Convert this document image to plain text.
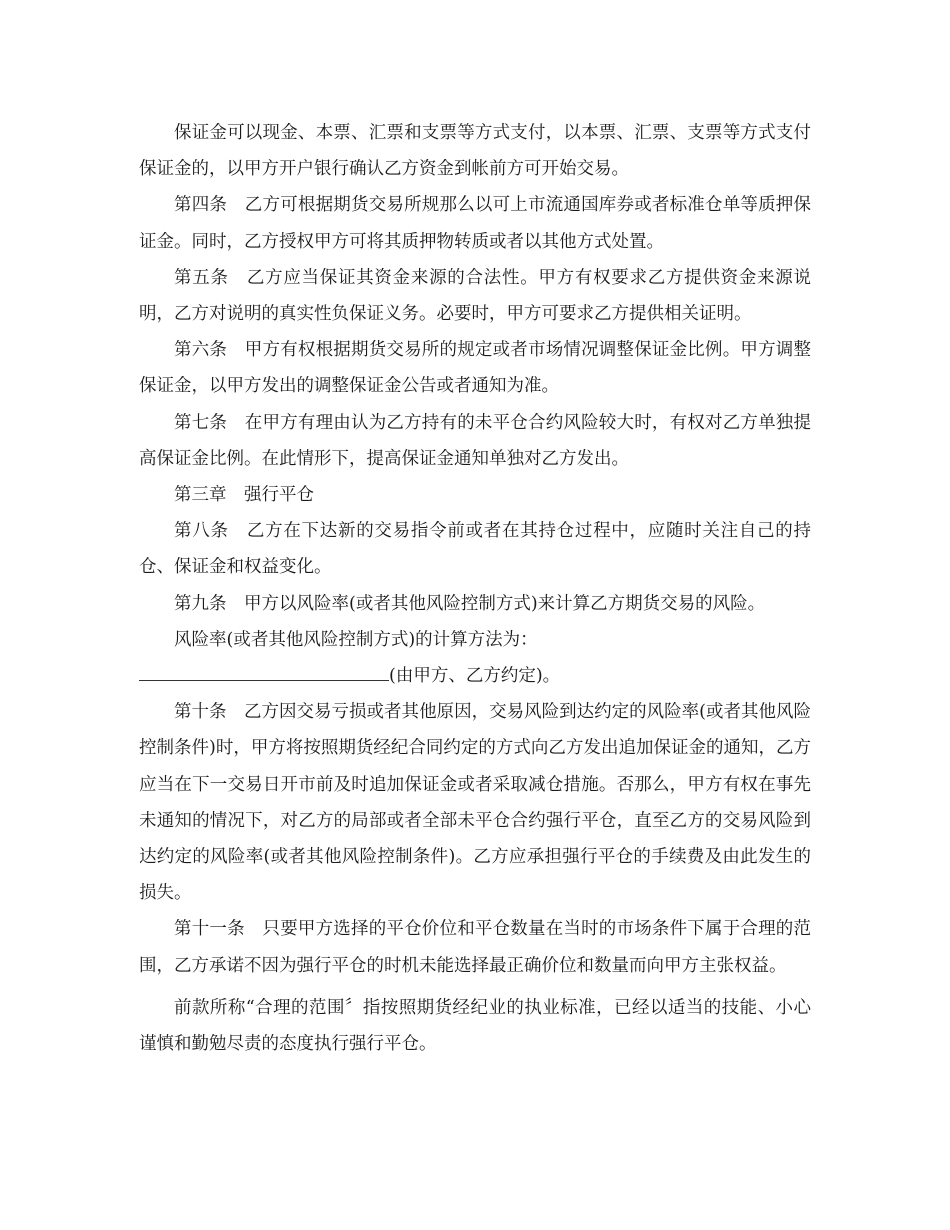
保证金可以现金、本票、汇票和支票等方式支付，以本票、汇票、支票等方式支付保证金的，以甲方开户银行确认乙方资金到帐前方可开始交易。

第四条　乙方可根据期货交易所规那么以可上市流通国库券或者标准仓单等质押保证金。同时，乙方授权甲方可将其质押物转质或者以其他方式处置。

第五条　乙方应当保证其资金来源的合法性。甲方有权要求乙方提供资金来源说明，乙方对说明的真实性负保证义务。必要时，甲方可要求乙方提供相关证明。

第六条　甲方有权根据期货交易所的规定或者市场情况调整保证金比例。甲方调整保证金，以甲方发出的调整保证金公告或者通知为准。

第七条　在甲方有理由认为乙方持有的未平仓合约风险较大时，有权对乙方单独提高保证金比例。在此情形下，提高保证金通知单独对乙方发出。

第三章　强行平仓

第八条　乙方在下达新的交易指令前或者在其持仓过程中，应随时关注自己的持仓、保证金和权益变化。

第九条　甲方以风险率(或者其他风险控制方式)来计算乙方期货交易的风险。

风险率(或者其他风险控制方式)的计算方法为：

(由甲方、乙方约定)。

第十条　乙方因交易亏损或者其他原因，交易风险到达约定的风险率(或者其他风险控制条件)时，甲方将按照期货经纪合同约定的方式向乙方发出追加保证金的通知，乙方应当在下一交易日开市前及时追加保证金或者采取减仓措施。否那么，甲方有权在事先未通知的情况下，对乙方的局部或者全部未平仓合约强行平仓，直至乙方的交易风险到达约定的风险率(或者其他风险控制条件)。乙方应承担强行平仓的手续费及由此发生的损失。

第十一条　只要甲方选择的平仓价位和平仓数量在当时的市场条件下属于合理的范围，乙方承诺不因为强行平仓的时机未能选择最正确价位和数量而向甲方主张权益。

前款所称“合理的范围〞指按照期货经纪业的执业标准，已经以适当的技能、小心谨慎和勤勉尽责的态度执行强行平仓。
